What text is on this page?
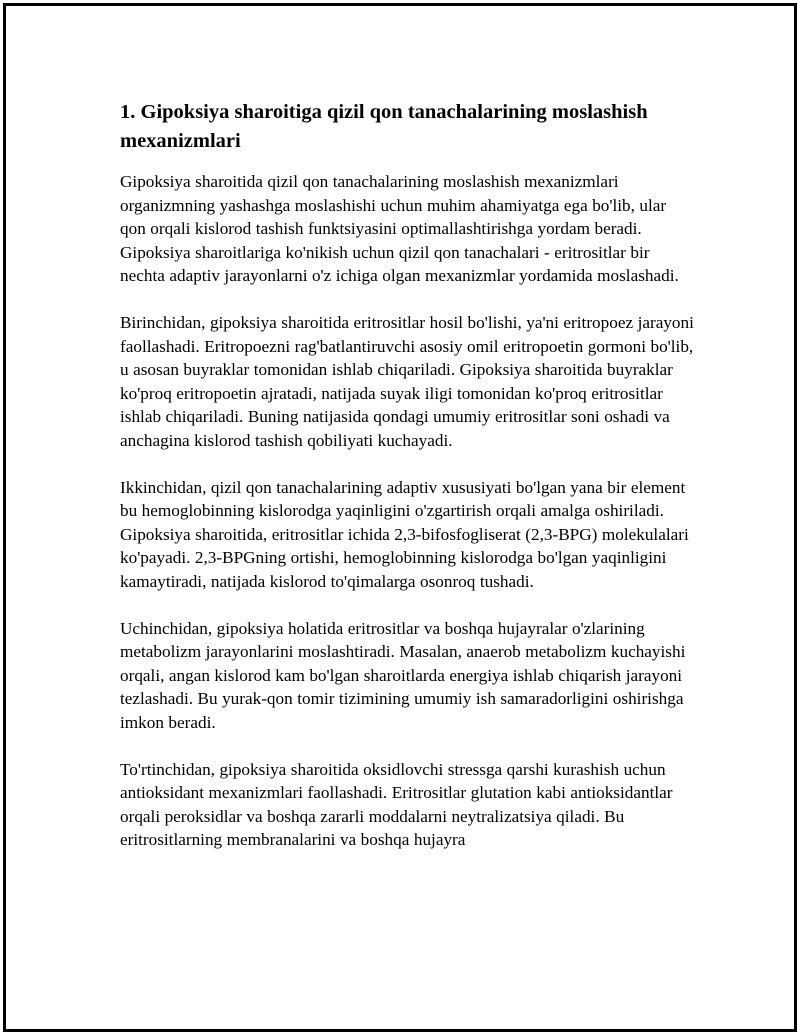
1. Gipoksiya sharoitiga qizil qon tanachalarining moslashish mexanizmlari

Gipoksiya sharoitida qizil qon tanachalarining moslashish mexanizmlari organizmning yashashga moslashishi uchun muhim ahamiyatga ega bo'lib, ular qon orqali kislorod tashish funktsiyasini optimallashtirishga yordam beradi. Gipoksiya sharoitlariga ko'nikish uchun qizil qon tanachalari - eritrositlar bir nechta adaptiv jarayonlarni o'z ichiga olgan mexanizmlar yordamida moslashadi.

Birinchidan, gipoksiya sharoitida eritrositlar hosil bo'lishi, ya'ni eritropoez jarayoni faollashadi. Eritropoezni rag'batlantiruvchi asosiy omil eritropoetin gormoni bo'lib, u asosan buyraklar tomonidan ishlab chiqariladi. Gipoksiya sharoitida buyraklar ko'proq eritropoetin ajratadi, natijada suyak iligi tomonidan ko'proq eritrositlar ishlab chiqariladi. Buning natijasida qondagi umumiy eritrositlar soni oshadi va anchagina kislorod tashish qobiliyati kuchayadi.

Ikkinchidan, qizil qon tanachalarining adaptiv xususiyati bo'lgan yana bir element bu hemoglobinning kislorodga yaqinligini o'zgartirish orqali amalga oshiriladi. Gipoksiya sharoitida, eritrositlar ichida 2,3-bifosfogliserat (2,3-BPG) molekulalari ko'payadi. 2,3-BPGning ortishi, hemoglobinning kislorodga bo'lgan yaqinligini kamaytiradi, natijada kislorod to'qimalarga osonroq tushadi.

Uchinchidan, gipoksiya holatida eritrositlar va boshqa hujayralar o'zlarining metabolizm jarayonlarini moslashtiradi. Masalan, anaerob metabolizm kuchayishi orqali, angan kislorod kam bo'lgan sharoitlarda energiya ishlab chiqarish jarayoni tezlashadi. Bu yurak-qon tomir tizimining umumiy ish samaradorligini oshirishga imkon beradi.

To'rtinchidan, gipoksiya sharoitida oksidlovchi stressga qarshi kurashish uchun antioksidant mexanizmlari faollashadi. Eritrositlar glutation kabi antioksidantlar orqali peroksidlar va boshqa zararli moddalarni neytralizatsiya qiladi. Bu eritrositlarning membranalarini va boshqa hujayra
